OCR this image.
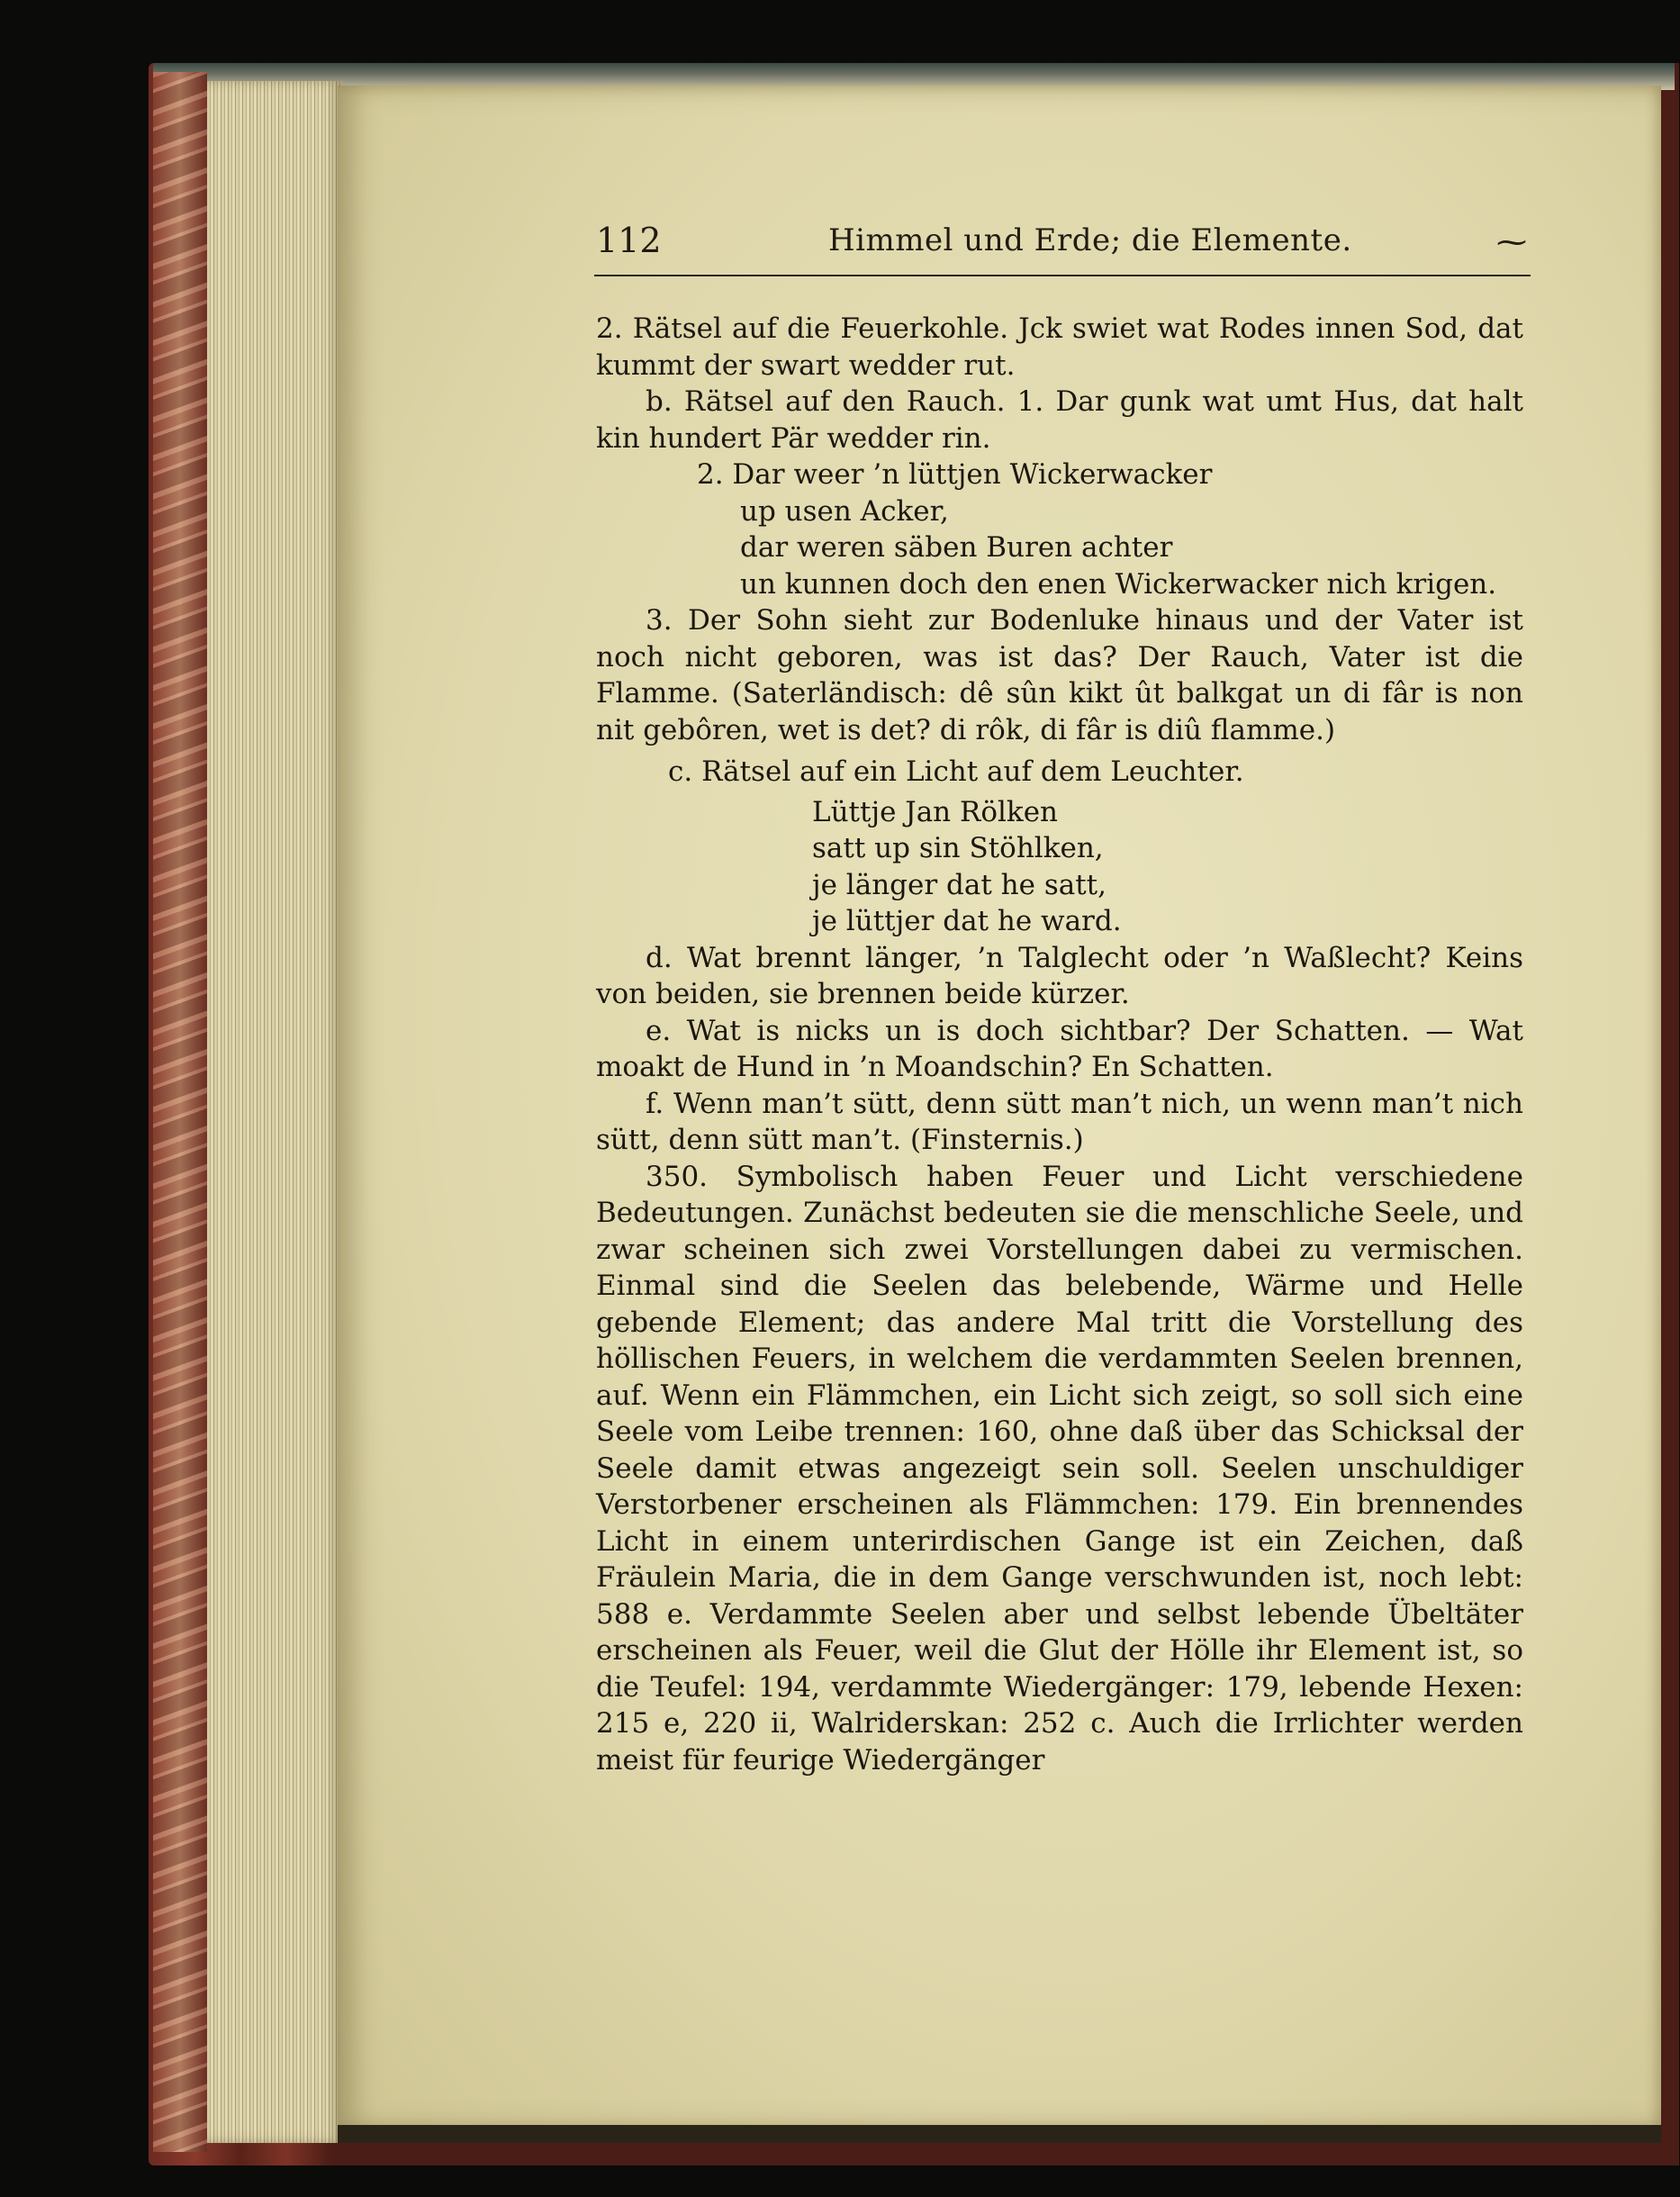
112	Himmel und Erde; die Elemente.	⁓

2. Rätsel auf die Feuerkohle. Jck swiet wat Rodes innen Sod, dat kummt der swart wedder rut.

b. Rätsel auf den Rauch. 1. Dar gunk wat umt Hus, dat halt kin hundert Pär wedder rin.

2. Dar weer ’n lüttjen Wickerwacker
up usen Acker,
dar weren säben Buren achter
un kunnen doch den enen Wickerwacker nich krigen.

3. Der Sohn sieht zur Bodenluke hinaus und der Vater ist noch nicht geboren, was ist das? Der Rauch, Vater ist die Flamme. (Saterländisch: dê sûn kikt ût balkgat un di fâr is non nit gebôren, wet is det? di rôk, di fâr is diû flamme.)

c. Rätsel auf ein Licht auf dem Leuchter.

Lüttje Jan Rölken
satt up sin Stöhlken,
je länger dat he satt,
je lüttjer dat he ward.

d. Wat brennt länger, ’n Talglecht oder ’n Waßlecht? Keins von beiden, sie brennen beide kürzer.

e. Wat is nicks un is doch sichtbar? Der Schatten. — Wat moakt de Hund in ’n Moandschin? En Schatten.

f. Wenn man’t sütt, denn sütt man’t nich, un wenn man’t nich sütt, denn sütt man’t. (Finsternis.)

350. Symbolisch haben Feuer und Licht verschiedene Bedeutungen. Zunächst bedeuten sie die menschliche Seele, und zwar scheinen sich zwei Vorstellungen dabei zu vermischen. Einmal sind die Seelen das belebende, Wärme und Helle gebende Element; das andere Mal tritt die Vorstellung des höllischen Feuers, in welchem die verdammten Seelen brennen, auf. Wenn ein Flämmchen, ein Licht sich zeigt, so soll sich eine Seele vom Leibe trennen: 160, ohne daß über das Schicksal der Seele damit etwas angezeigt sein soll. Seelen unschuldiger Verstorbener erscheinen als Flämmchen: 179. Ein brennendes Licht in einem unterirdischen Gange ist ein Zeichen, daß Fräulein Maria, die in dem Gange verschwunden ist, noch lebt: 588 e. Verdammte Seelen aber und selbst lebende Übeltäter erscheinen als Feuer, weil die Glut der Hölle ihr Element ist, so die Teufel: 194, verdammte Wiedergänger: 179, lebende Hexen: 215 e, 220 ii, Walriderskan: 252 c. Auch die Irrlichter werden meist für feurige Wiedergänger
